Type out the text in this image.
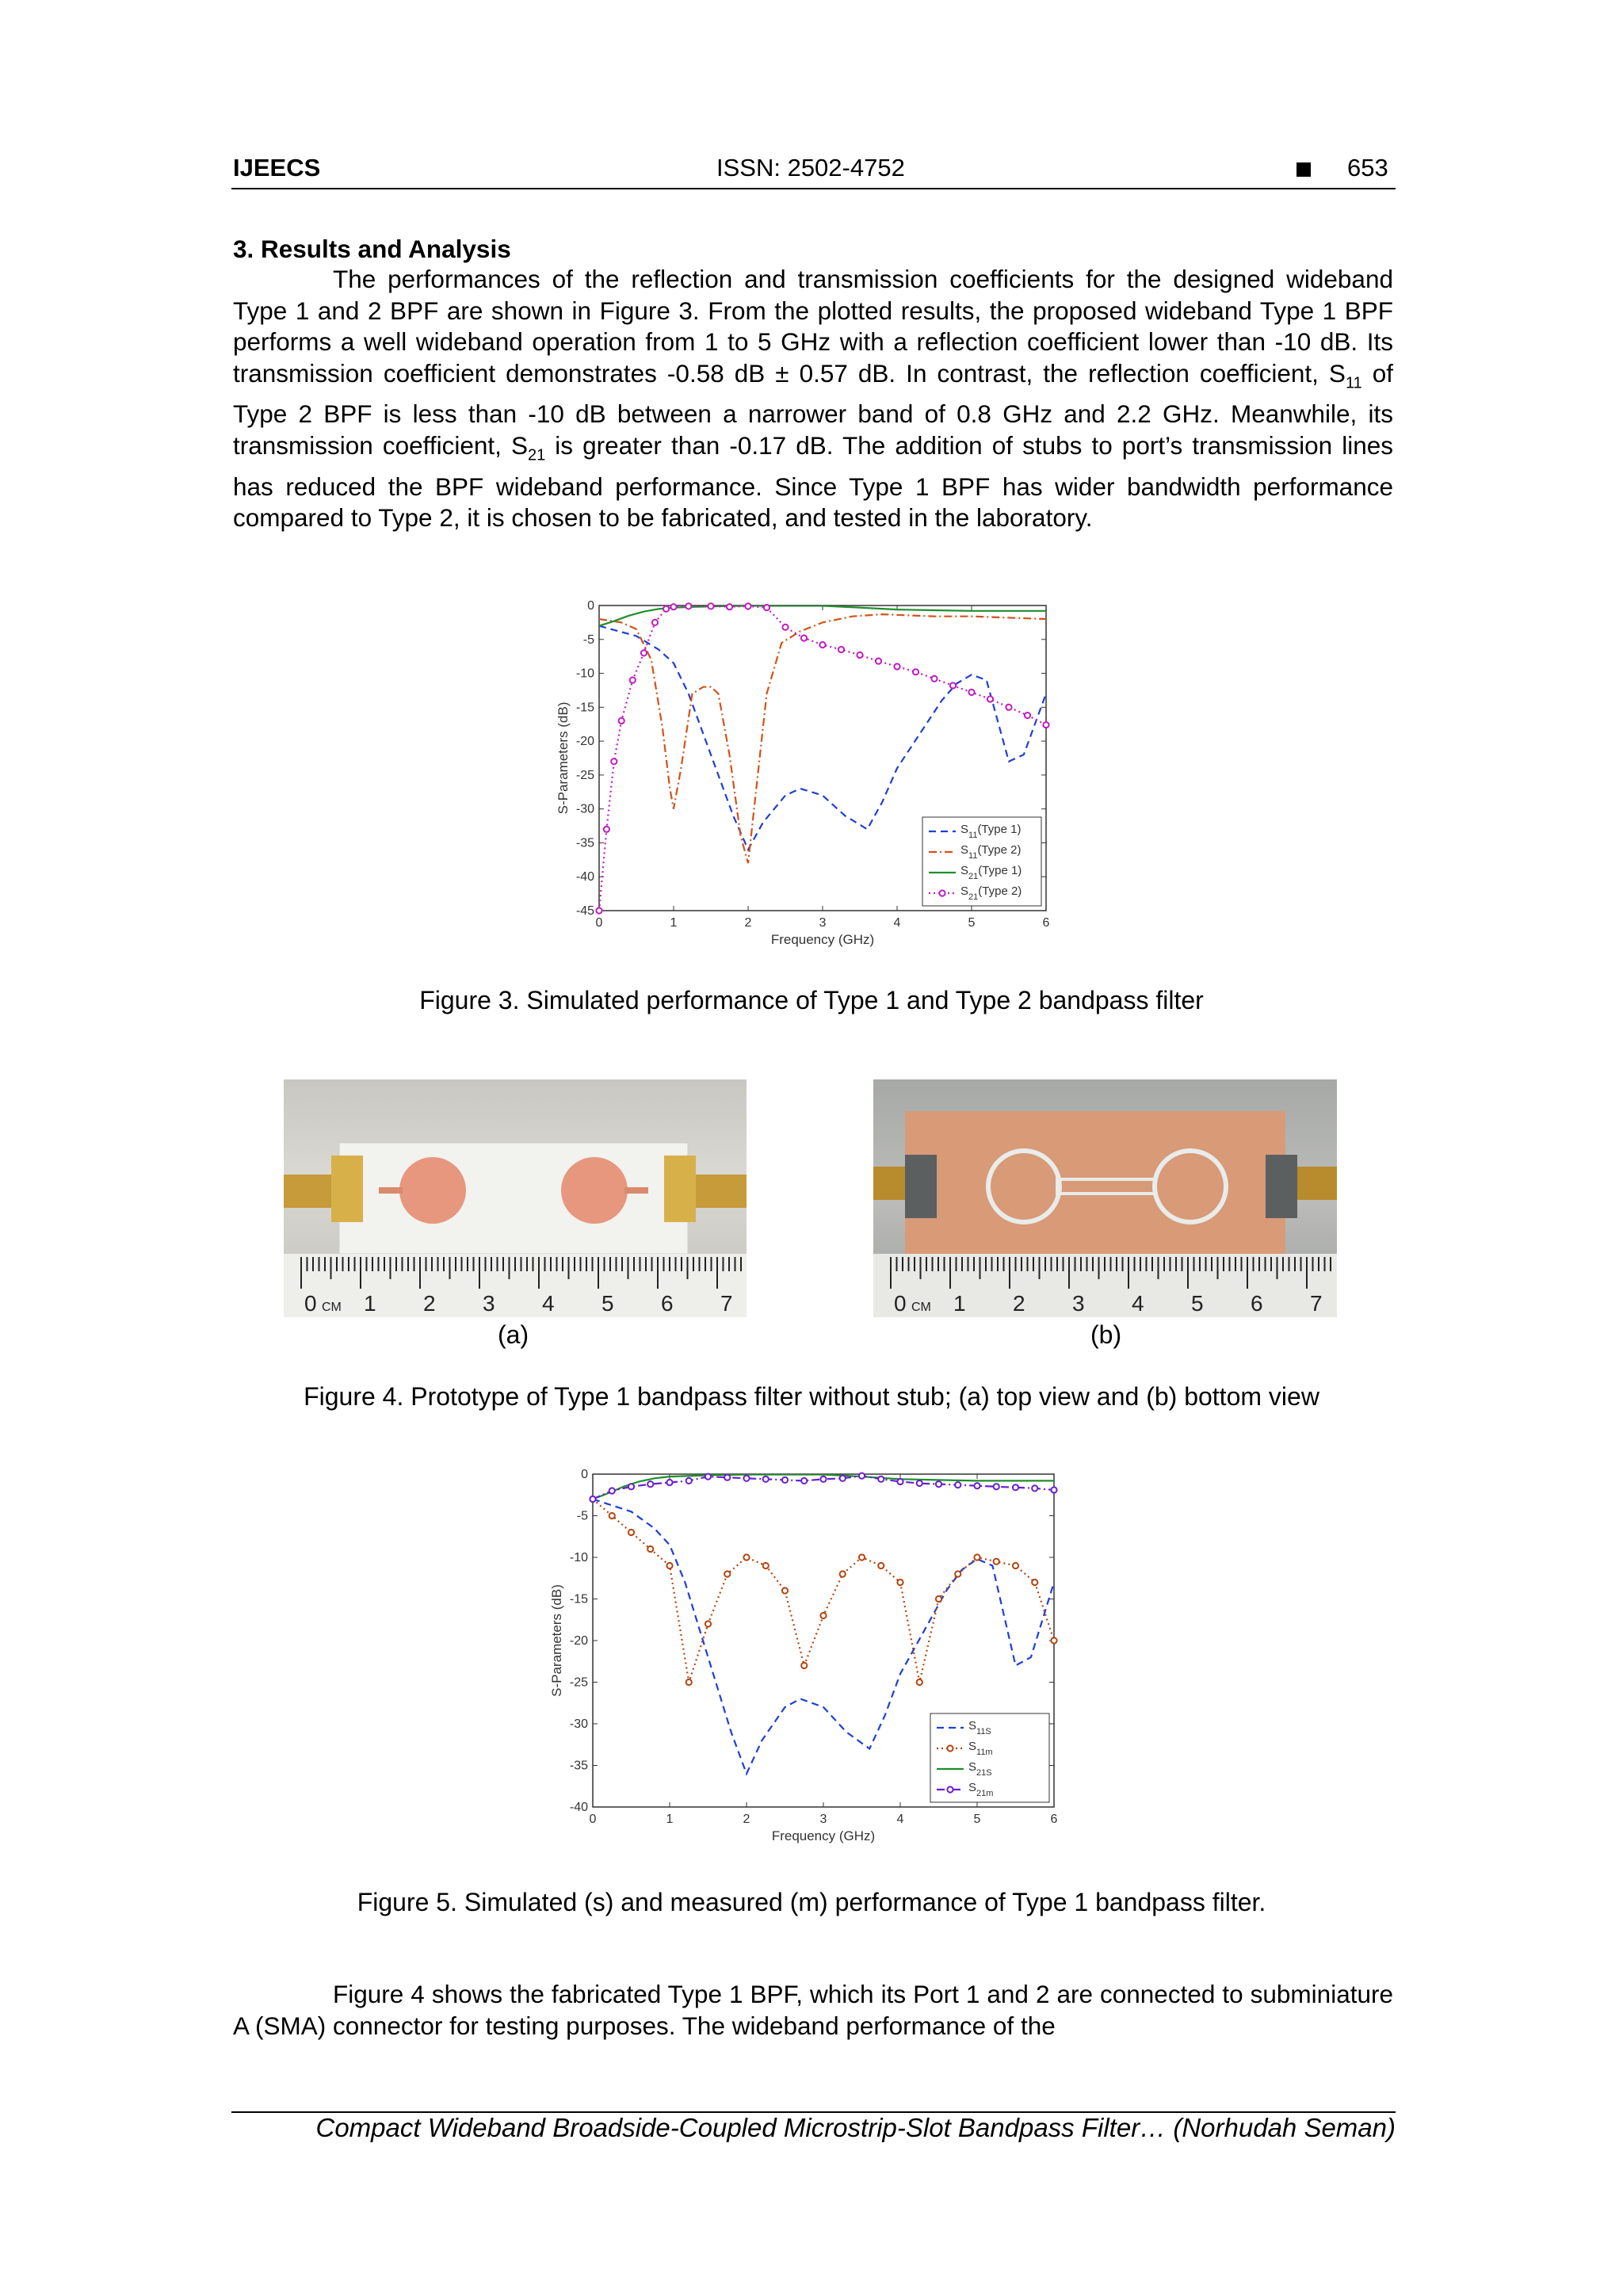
IJEECS	ISSN: 2502-4752	653
3. Results and Analysis
The performances of the reflection and transmission coefficients for the designed wideband Type 1 and 2 BPF are shown in Figure 3. From the plotted results, the proposed wideband Type 1 BPF performs a well wideband operation from 1 to 5 GHz with a reflection coefficient lower than -10 dB. Its transmission coefficient demonstrates -0.58 dB ± 0.57 dB. In contrast, the reflection coefficient, $S_{11}$ of Type 2 BPF is less than -10 dB between a narrower band of 0.8 GHz and 2.2 GHz. Meanwhile, its transmission coefficient, $S_{21}$ is greater than -0.17 dB. The addition of stubs to port’s transmission lines has reduced the BPF wideband performance. Since Type 1 BPF has wider bandwidth performance compared to Type 2, it is chosen to be fabricated, and tested in the laboratory.
0	1	2	3	4	5	6
0
-5
-10
-15
-20
-25
-30
-35
-40
-45
Frequency (GHz)
S-Parameters (dB)
$S_{11}(Type$ 1)
$S_{11}(Type$ 2)
$S_{21}(Type$ 1)
$S_{21}(Type$ 2)
Figure 3. Simulated performance of Type 1 and Type 2 bandpass filter
0 CM 1 2 3 4 5 6 7	0 CM 1 2 3 4 5 6 7
(a)	(b)
Figure 4. Prototype of Type 1 bandpass filter without stub; (a) top view and (b) bottom view
0	1	2	3	4	5	6
0
-5
-10
-15
-20
-25
-30
-35
-40
Frequency (GHz)
S-Parameters (dB)
$S_{11S}$
$S_{11m}$
$S_{21S}$
$S_{21m}$
Figure 5. Simulated (s) and measured (m) performance of Type 1 bandpass filter.
Figure 4 shows the fabricated Type 1 BPF, which its Port 1 and 2 are connected to subminiature A (SMA) connector for testing purposes. The wideband performance of the
Compact Wideband Broadside-Coupled Microstrip-Slot Bandpass Filter… (Norhudah Seman)
